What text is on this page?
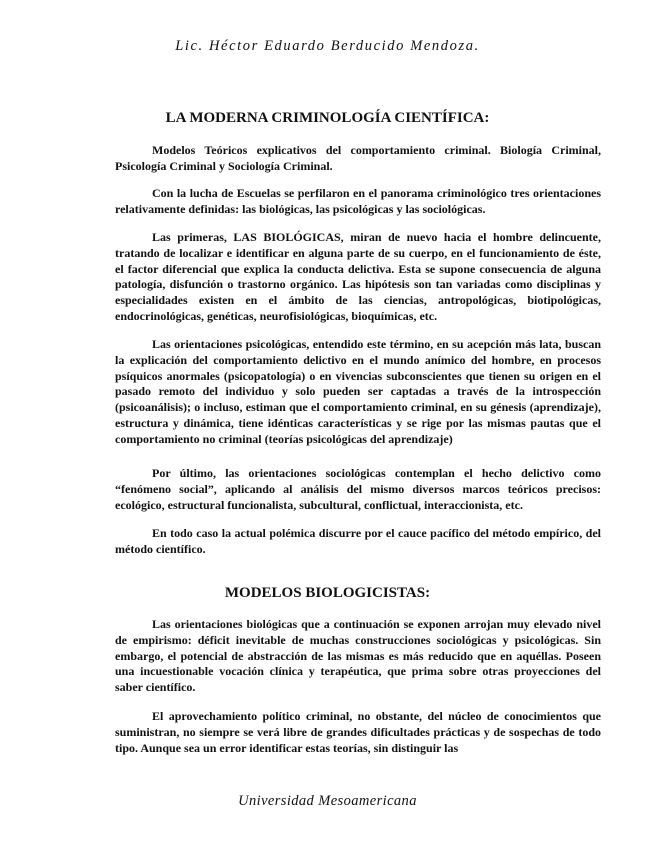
Lic. Héctor Eduardo Berducido Mendoza.
LA MODERNA CRIMINOLOGÍA CIENTÍFICA:

Modelos Teóricos explicativos del comportamiento criminal. Biología Criminal, Psicología Criminal y Sociología Criminal.

Con la lucha de Escuelas se perfilaron en el panorama criminológico tres orientaciones relativamente definidas: las biológicas, las psicológicas y las sociológicas.

Las primeras, LAS BIOLÓGICAS, miran de nuevo hacia el hombre delincuente, tratando de localizar e identificar en alguna parte de su cuerpo, en el funcionamiento de éste, el factor diferencial que explica la conducta delictiva. Esta se supone consecuencia de alguna patología, disfunción o trastorno orgánico. Las hipótesis son tan variadas como disciplinas y especialidades existen en el ámbito de las ciencias, antropológicas, biotipológicas, endocrinológicas, genéticas, neurofisiológicas, bioquímicas, etc.

Las orientaciones psicológicas, entendido este término, en su acepción más lata, buscan la explicación del comportamiento delictivo en el mundo anímico del hombre, en procesos psíquicos anormales (psicopatología) o en vivencias subconscientes que tienen su origen en el pasado remoto del individuo y solo pueden ser captadas a través de la introspección (psicoanálisis); o incluso, estiman que el comportamiento criminal, en su génesis (aprendizaje), estructura y dinámica, tiene idénticas características y se rige por las mismas pautas que el comportamiento no criminal (teorías psicológicas del aprendizaje)

Por último, las orientaciones sociológicas contemplan el hecho delictivo como “fenómeno social”, aplicando al análisis del mismo diversos marcos teóricos precisos: ecológico, estructural funcionalista, subcultural, conflictual, interaccionista, etc.

En todo caso la actual polémica discurre por el cauce pacífico del método empírico, del método científico.

MODELOS BIOLOGICISTAS:

Las orientaciones biológicas que a continuación se exponen arrojan muy elevado nivel de empirismo: déficit inevitable de muchas construcciones sociológicas y psicológicas. Sin embargo, el potencial de abstracción de las mismas es más reducido que en aquéllas. Poseen una incuestionable vocación clínica y terapéutica, que prima sobre otras proyecciones del saber científico.

El aprovechamiento político criminal, no obstante, del núcleo de conocimientos que suministran, no siempre se verá libre de grandes dificultades prácticas y de sospechas de todo tipo. Aunque sea un error identificar estas teorías, sin distinguir las

Universidad Mesoamericana
